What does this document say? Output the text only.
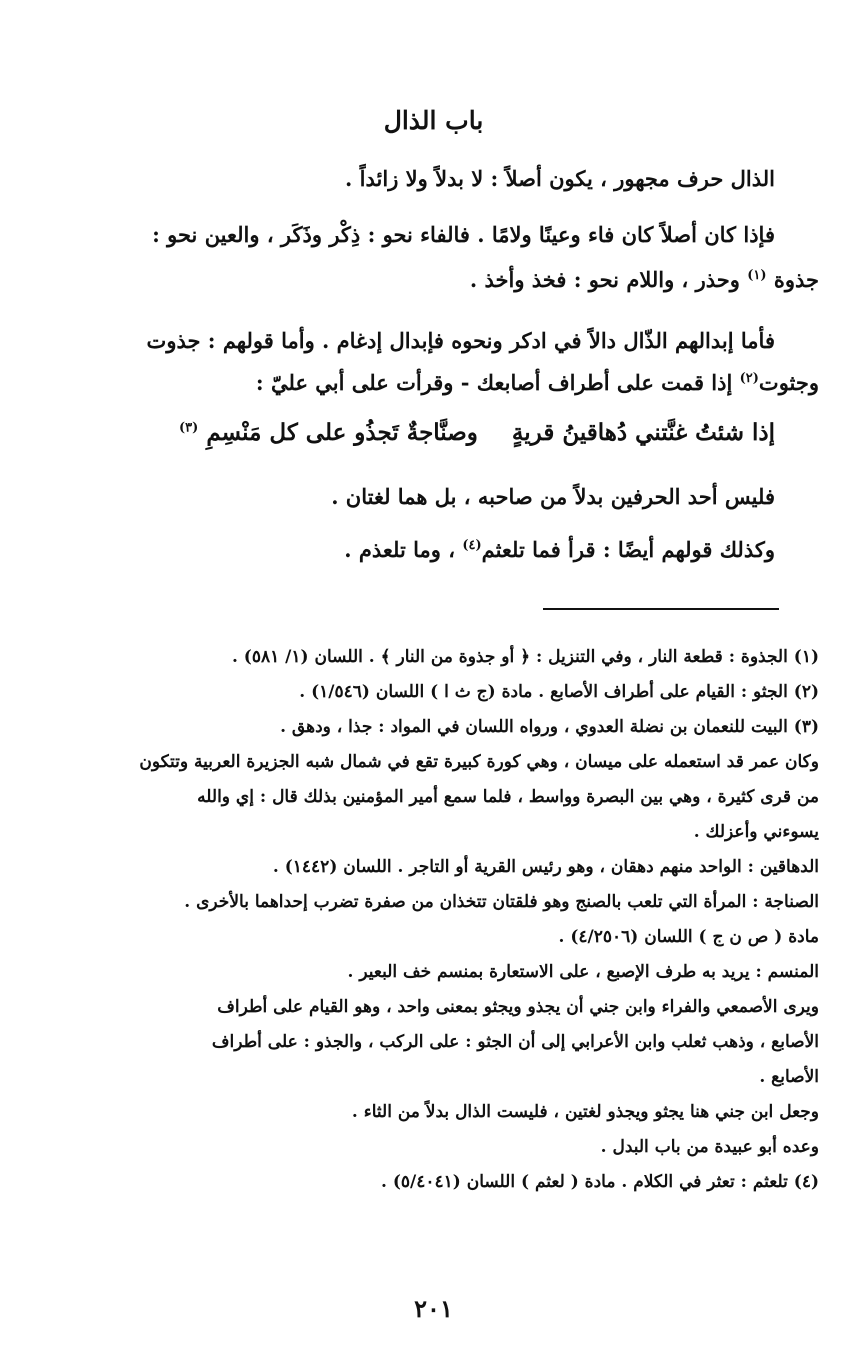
باب الذال

الذال حرف مجهور ، يكون أصلاً : لا بدلاً ولا زائداً .

فإذا كان أصلاً كان فاء وعينًا ولامًا . فالفاء نحو : ذِكْر وذَكَر ، والعين نحو :

جذوة $^{(١)}$ وحذر ، واللام نحو : فخذ وأخذ .

فأما إبدالهم الذّال دالاً في ادكر ونحوه فإبدال إدغام . وأما قولهم : جذوت

وجثوت$^{(٢)}$ إذا قمت على أطراف أصابعك - وقرأت على أبي عليّ :

إذا شئتُ غنَّتني دُهاقينُ قريةٍوصنَّاجةٌ تَجذُو على كل مَنْسِمِ $^{(٣)}$

فليس أحد الحرفين بدلاً من صاحبه ، بل هما لغتان .

وكذلك قولهم أيضًا : قرأ فما تلعثم$^{(٤)}$ ، وما تلعذم .

(١) الجذوة : قطعة النار ، وفي التنزيل : ﴿ أو جذوة من النار ﴾ . اللسان (١/ ٥٨١) .

(٢) الجثو : القيام على أطراف الأصابع . مادة (ج ث ا ) اللسان (١/٥٤٦) .

(٣) البيت للنعمان بن نضلة العدوي ، ورواه اللسان في المواد : جذا ، ودهق .

وكان عمر قد استعمله على ميسان ، وهي كورة كبيرة تقع في شمال شبه الجزيرة العربية وتتكون

من قرى كثيرة ، وهي بين البصرة وواسط ، فلما سمع أمير المؤمنين بذلك قال : إي والله

يسوءني وأعزلك .

الدهاقين : الواحد منهم دهقان ، وهو رئيس القرية أو التاجر . اللسان (١٤٤٢) .

الصناجة : المرأة التي تلعب بالصنج وهو فلقتان تتخذان من صفرة تضرب إحداهما بالأخرى .

مادة ( ص ن ج ) اللسان (٤/٢٥٠٦) .

المنسم : يريد به طرف الإصبع ، على الاستعارة بمنسم خف البعير .

ويرى الأصمعي والفراء وابن جني أن يجذو ويجثو بمعنى واحد ، وهو القيام على أطراف

الأصابع ، وذهب ثعلب وابن الأعرابي إلى أن الجثو : على الركب ، والجذو : على أطراف

الأصابع .

وجعل ابن جني هنا يجثو ويجذو لغتين ، فليست الذال بدلاً من الثاء .

وعده أبو عبيدة من باب البدل .

(٤) تلعثم : تعثر في الكلام . مادة ( لعثم ) اللسان (٥/٤٠٤١) .

٢٠١
